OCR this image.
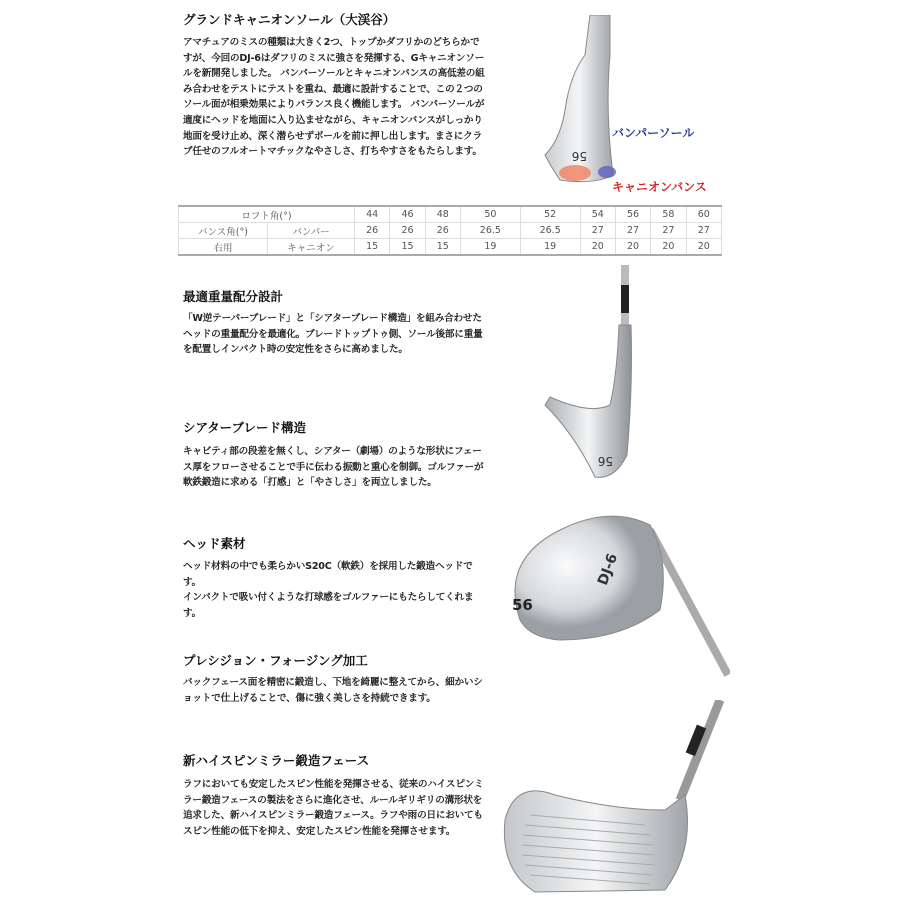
グランドキャニオンソール（大渓谷）
アマチュアのミスの種類は大きく2つ、トップかダフリかのどちらかですが、今回のDJ-6はダフリのミスに強さを発揮する、Gキャニオンソールを新開発しました。 バンパーソールとキャニオンバンスの高低差の組み合わせをテストにテストを重ね、最適に設計することで、この２つのソール面が相乗効果によりバランス良く機能します。 バンパーソールが適度にヘッドを地面に入り込ませながら、キャニオンバンスがしっかり地面を受け止め、深く潜らせずボールを前に押し出します。まさにクラブ任せのフルオートマチックなやさしさ、打ちやすさをもたらします。	56
バンパーソール
キャニオンバンス
ロフト角(°)		44	46	48	50	52	54	56	58	60
バンス角(°)	バンパー	26	26	26	26.5	26.5	27	27	27	27
右用	キャニオン	15	15	15	19	19	20	20	20	20
最適重量配分設計
「W逆テーパーブレード」と「シアターブレード構造」を組み合わせたヘッドの重量配分を最適化。ブレードトップトゥ側、ソール後部に重量を配置しインパクト時の安定性をさらに高めました。
シアターブレード構造
キャビティ部の段差を無くし、シアター（劇場）のような形状にフェース厚をフローさせることで手に伝わる振動と重心を制御。ゴルファーが軟鉄鍛造に求める「打感」と「やさしさ」を両立しました。
ヘッド素材
ヘッド材料の中でも柔らかいS20C（軟鉄）を採用した鍛造ヘッドです。
インパクトで吸い付くような打球感をゴルファーにもたらしてくれます。
プレシジョン・フォージング加工
バックフェース面を精密に鍛造し、下地を綺麗に整えてから、細かいショットで仕上げることで、傷に強く美しさを持続できます。
新ハイスピンミラー鍛造フェース
ラフにおいても安定したスピン性能を発揮させる、従来のハイスピンミラー鍛造フェースの製法をさらに進化させ、ルールギリギリの溝形状を追求した、新ハイスピンミラー鍛造フェース。ラフや雨の日においてもスピン性能の低下を抑え、安定したスピン性能を発揮させます。
56
56
DJ-6
